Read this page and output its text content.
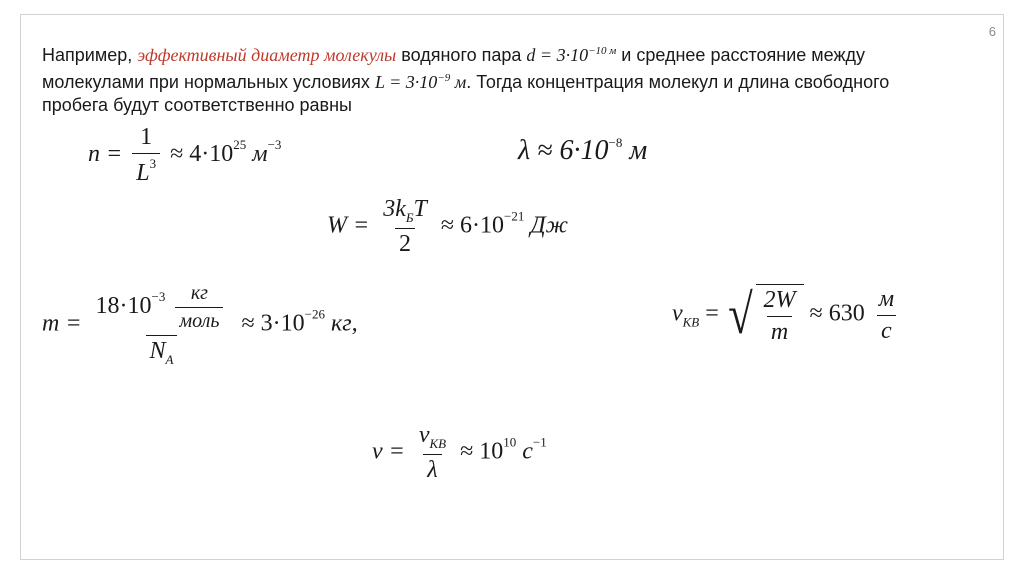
6
Например, эффективный диаметр молекулы водяного пара $d = 3\cdot 10^{-10 м}$ и среднее расстояние между молекулами при нормальных условиях $L = 3\cdot 10^{-9}$ м. Тогда концентрация молекул и длина свободного пробега будут соответственно равны
$n = \frac{1}{L^3} \approx 4\cdot 10^{25}$ $м^{-3}$	$\lambda \approx 6\cdot 10^{-8}$ м
$W = \frac{3k_БT}{2} \approx 6\cdot 10^{-21}$ Дж
$m = \frac{18\cdot 10^{-3} \frac{кг}{\text{моль}}}{N_A} \approx 3\cdot 10^{-26}$ кг,	$v_{КВ}$ = √ $\frac{2W}{m} \approx 630 \frac{м}{с}$
$\nu = \frac{v_{КВ}}{\lambda} \approx 10^{10}$ $с^{-1}$
